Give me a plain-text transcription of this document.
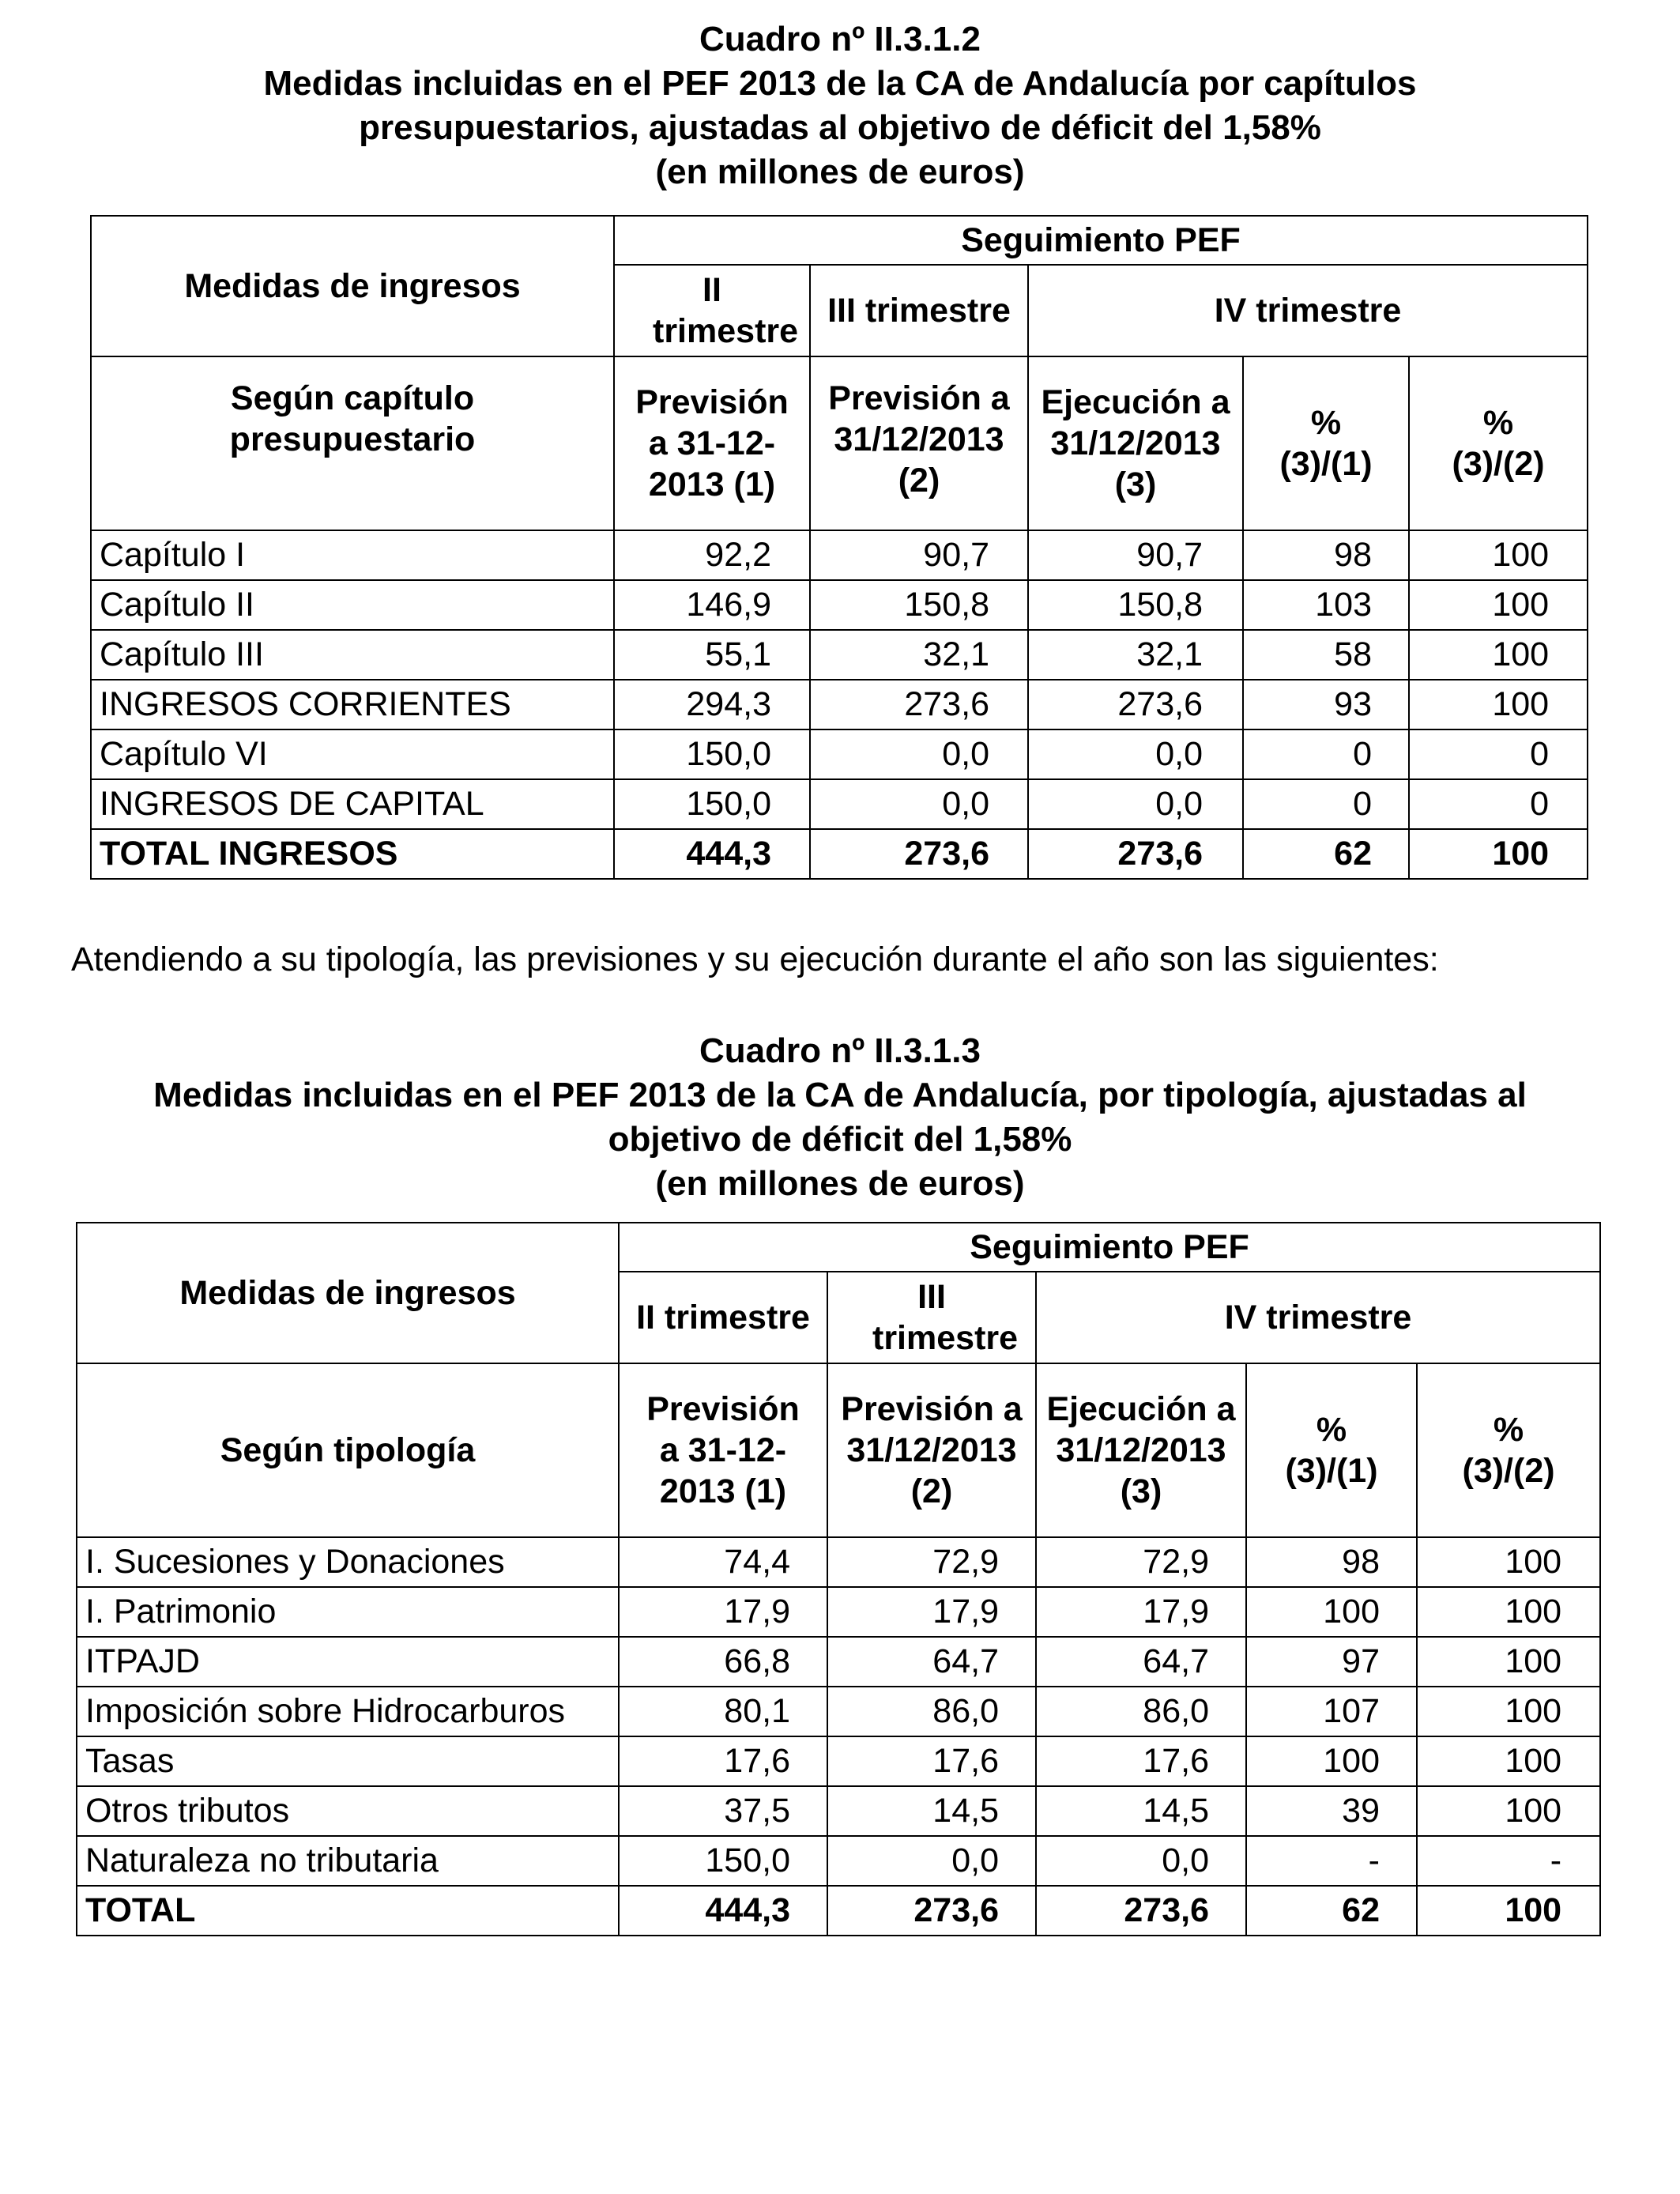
Cuadro nº II.3.1.2
Medidas incluidas en el PEF 2013 de la CA de Andalucía por capítulos
presupuestarios, ajustadas al objetivo de déficit del 1,58%
(en millones de euros)
Medidas de ingresos	Seguimiento PEF				

	II trimestre	III trimestre	IV trimestre		

Según capítulo presupuestario	Previsión a 31-12-2013 (1)	Previsión a 31/12/2013 (2)	Ejecución a 31/12/2013 (3)	% (3)/(1)	% (3)/(2)

Capítulo I	92,2	90,7	90,7	98	100
Capítulo II	146,9	150,8	150,8	103	100
Capítulo III	55,1	32,1	32,1	58	100
INGRESOS CORRIENTES	294,3	273,6	273,6	93	100
Capítulo VI	150,0	0,0	0,0	0	0
INGRESOS DE CAPITAL	150,0	0,0	0,0	0	0
TOTAL INGRESOS	444,3	273,6	273,6	62	100
Atendiendo a su tipología, las previsiones y su ejecución durante el año son las siguientes:
Cuadro nº II.3.1.3
Medidas incluidas en el PEF 2013 de la CA de Andalucía, por tipología, ajustadas al
objetivo de déficit del 1,58%
(en millones de euros)
Medidas de ingresos	Seguimiento PEF				
	II trimestre	III trimestre	IV trimestre		
Según tipología	Previsión a 31-12-2013 (1)	Previsión a 31/12/2013 (2)	Ejecución a 31/12/2013 (3)	% (3)/(1)	% (3)/(2)

I. Sucesiones y Donaciones	74,4	72,9	72,9	98	100
I. Patrimonio	17,9	17,9	17,9	100	100
ITPAJD	66,8	64,7	64,7	97	100
Imposición sobre Hidrocarburos	80,1	86,0	86,0	107	100
Tasas	17,6	17,6	17,6	100	100
Otros tributos	37,5	14,5	14,5	39	100
Naturaleza no tributaria	150,0	0,0	0,0	-	-
TOTAL	444,3	273,6	273,6	62	100
